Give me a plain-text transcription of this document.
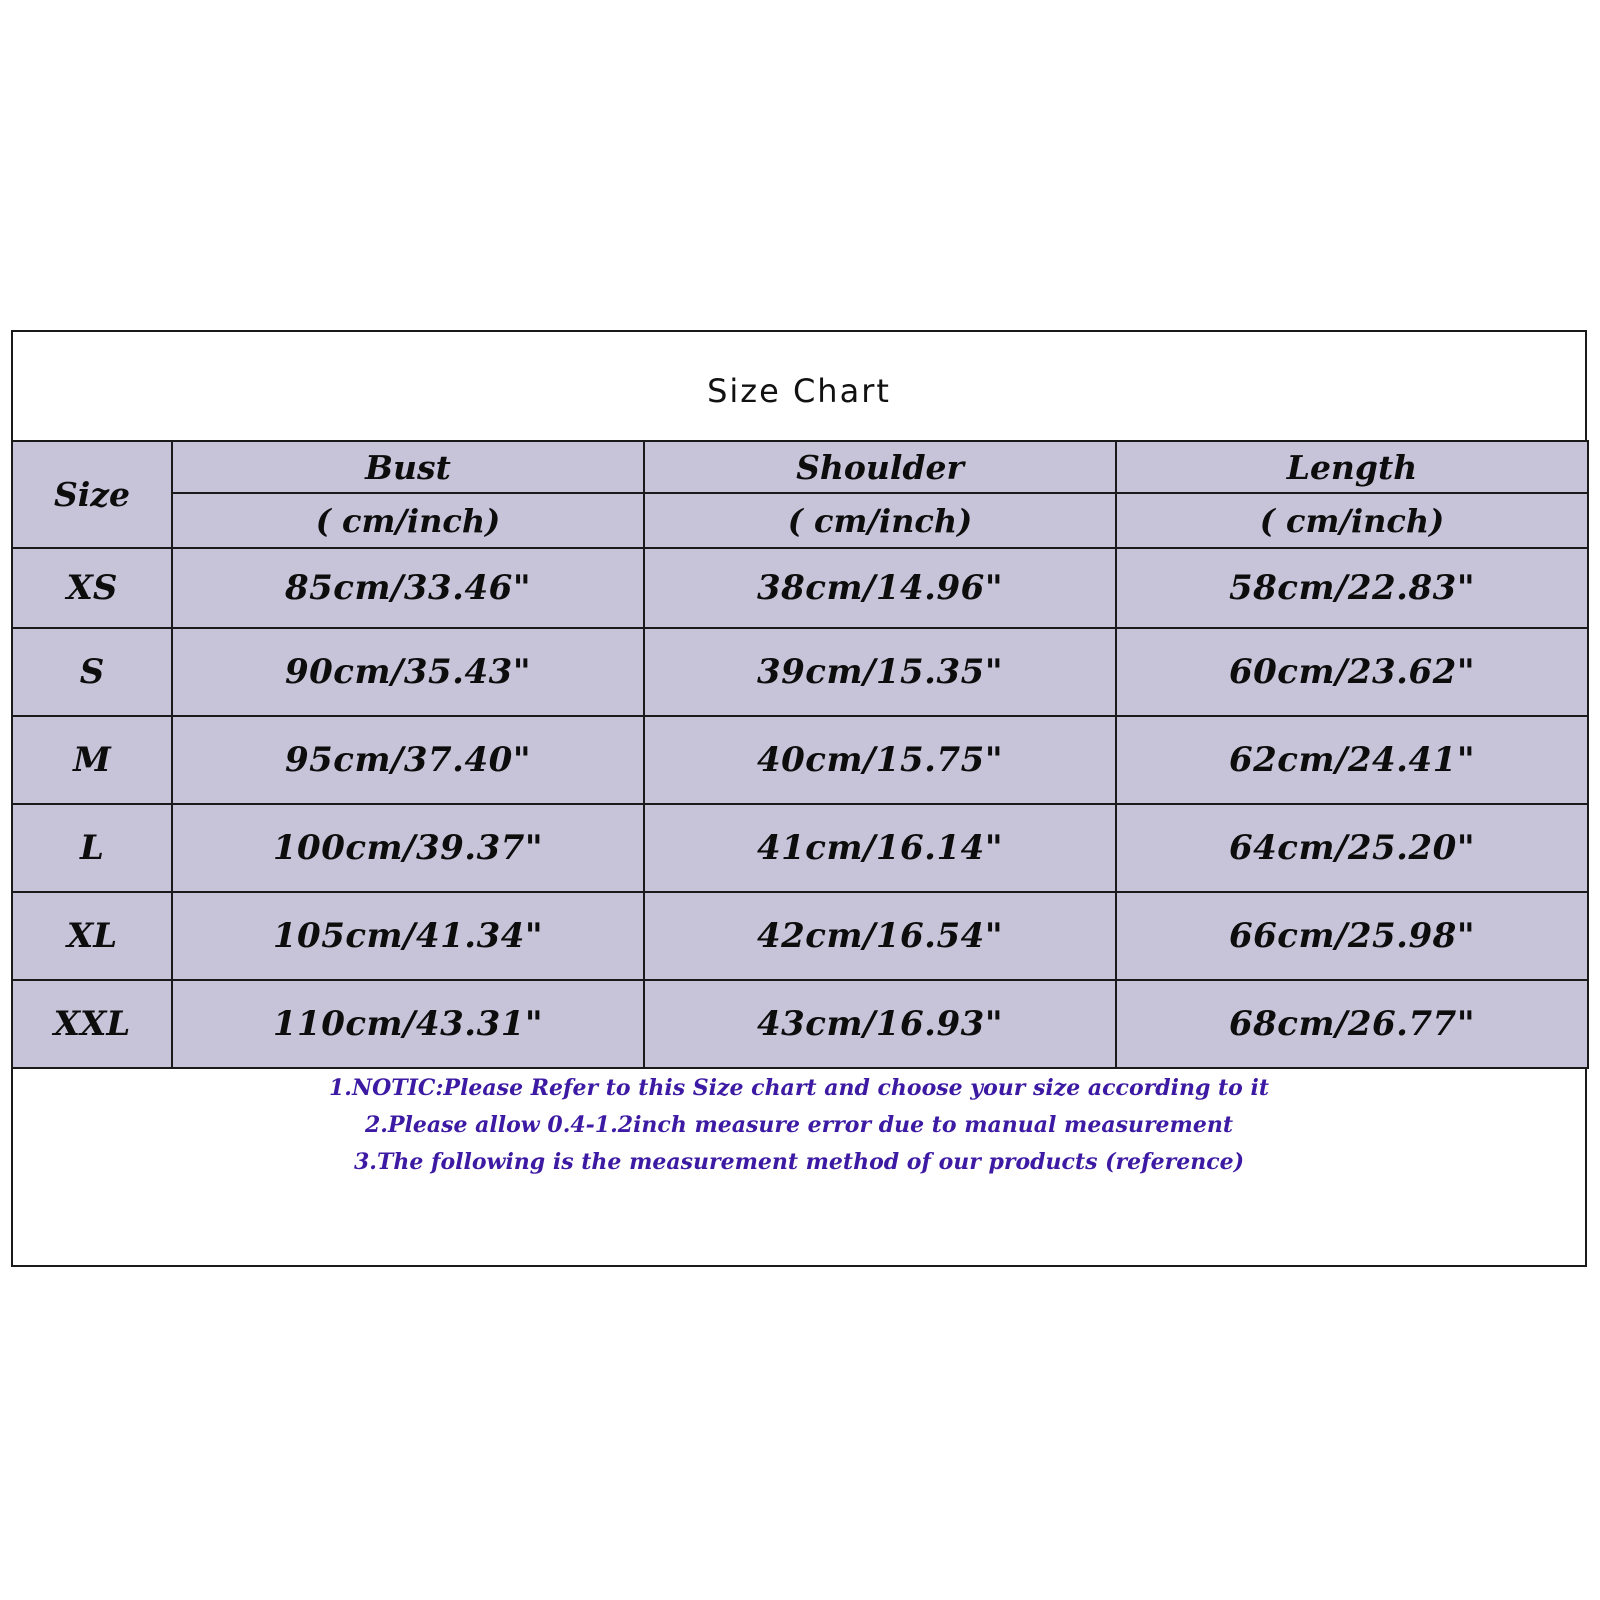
Size Chart
Size	Bust	Shoulder	Length
	( cm/inch)	( cm/inch)	( cm/inch)
XS	85cm/33.46"	38cm/14.96"	58cm/22.83"
S	90cm/35.43"	39cm/15.35"	60cm/23.62"
M	95cm/37.40"	40cm/15.75"	62cm/24.41"
L	100cm/39.37"	41cm/16.14"	64cm/25.20"
XL	105cm/41.34"	42cm/16.54"	66cm/25.98"
XXL	110cm/43.31"	43cm/16.93"	68cm/26.77"
1.NOTIC:Please Refer to this Size chart and choose your size according to it
2.Please allow 0.4-1.2inch measure error due to manual measurement
3.The following is the measurement method of our products (reference)
